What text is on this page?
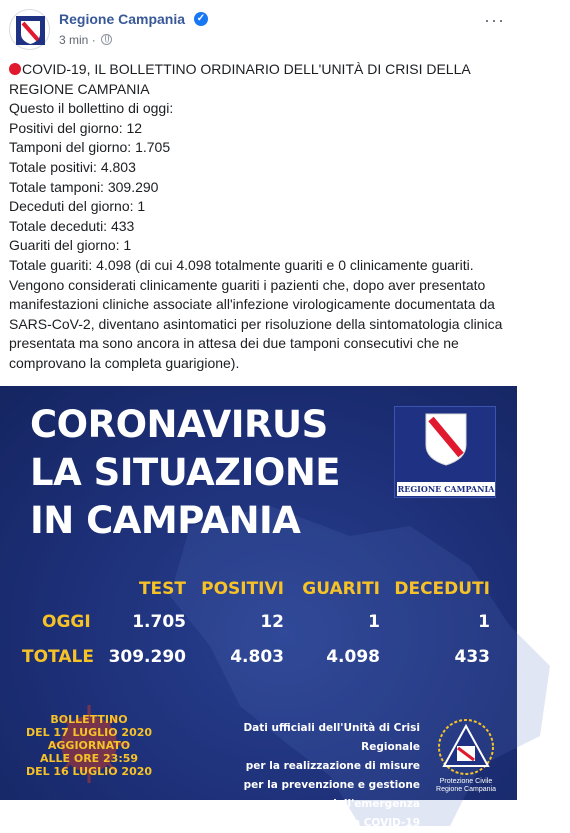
Regione Campania ✓
3 min ·
···

COVID-19, IL BOLLETTINO ORDINARIO DELL'UNITÀ DI CRISI DELLA REGIONE CAMPANIA

Questo il bollettino di oggi:

Positivi del giorno: 12

Tamponi del giorno: 1.705

Totale positivi: 4.803

Totale tamponi: 309.290

Deceduti del giorno: 1

Totale deceduti: 433

Guariti del giorno: 1

Totale guariti: 4.098 (di cui 4.098 totalmente guariti e 0 clinicamente guariti. Vengono considerati clinicamente guariti i pazienti che, dopo aver presentato manifestazioni cliniche associate all'infezione virologicamente documentata da SARS-CoV-2, diventano asintomatici per risoluzione della sintomatologia clinica presentata ma sono ancora in attesa dei due tamponi consecutivi che ne comprovano la completa guarigione).

CORONAVIRUS
LA SITUAZIONE
IN CAMPANIA
REGIONE CAMPANIA
TEST POSITIVI	GUARITI DECEDUTI
OGGI	1.705	12	1	1
TOTALE 309.290	4.803	4.098	433
BOLLETTINO
DEL 17 LUGLIO 2020
AGGIORNATO
ALLE ORE 23:59
DEL 16 LUGLIO 2020
Dati ufficiali dell'Unità di Crisi Regionale
per la realizzazione di misure
per la prevenzione e gestione dell'emergenza
epidemiologica da COVID-19
Protezione Civile
Regione Campania
